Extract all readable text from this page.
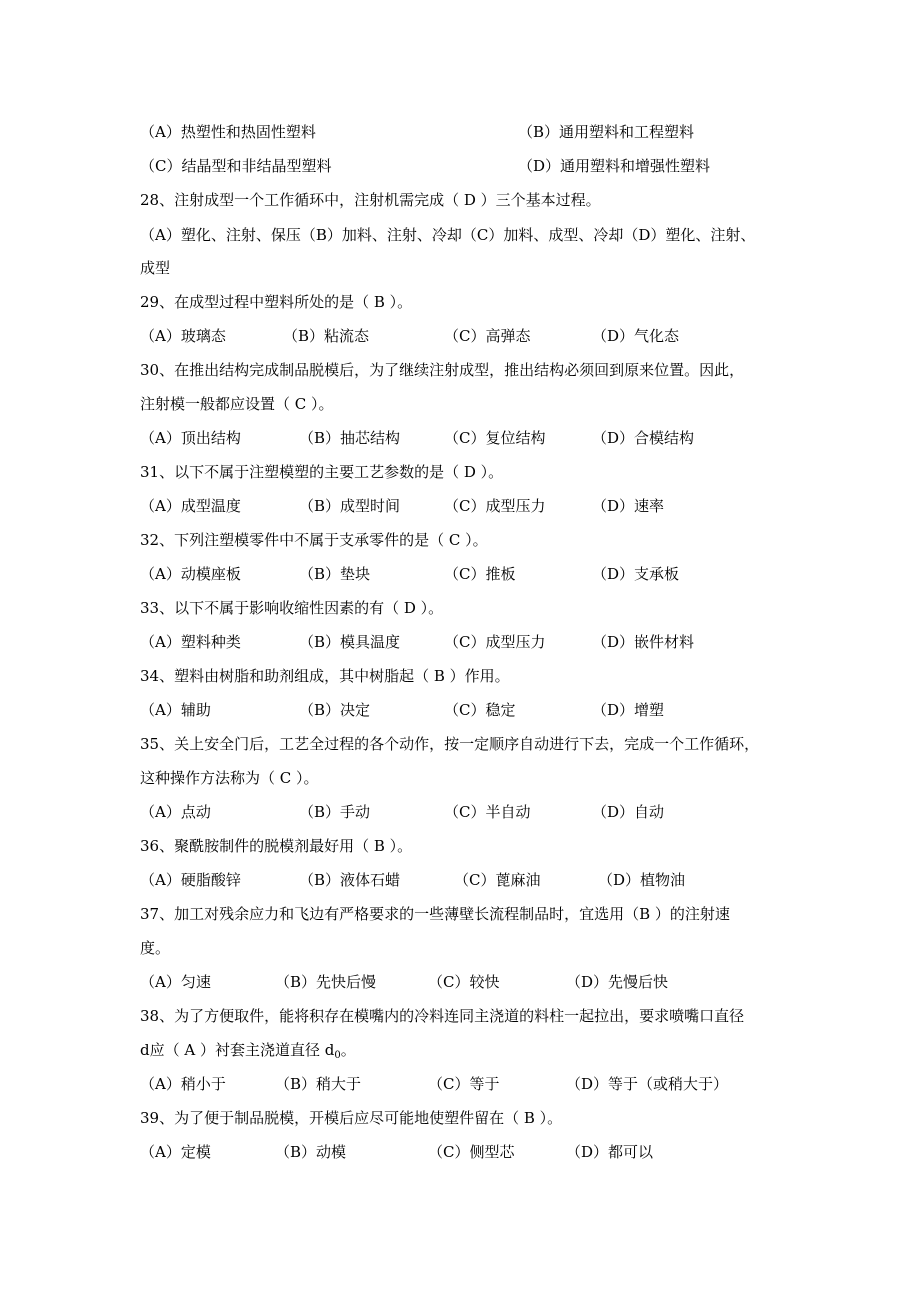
（A）热塑性和热固性塑料	（B）通用塑料和工程塑料
（C）结晶型和非结晶型塑料	（D）通用塑料和增强性塑料
28、注射成型一个工作循环中，注射机需完成（ D ）三个基本过程。
（A）塑化、注射、保压（B）加料、注射、冷却（C）加料、成型、冷却（D）塑化、注射、
成型
29、在成型过程中塑料所处的是（ B ）。
（A）玻璃态	（B）粘流态	（C）高弹态	（D）气化态
30、在推出结构完成制品脱模后，为了继续注射成型，推出结构必须回到原来位置。因此，
注射模一般都应设置（ C ）。
（A）顶出结构	（B）抽芯结构	（C）复位结构	（D）合模结构
31、以下不属于注塑模塑的主要工艺参数的是（ D ）。
（A）成型温度	（B）成型时间	（C）成型压力	（D）速率
32、下列注塑模零件中不属于支承零件的是（ C ）。
（A）动模座板	（B）垫块	（C）推板	（D）支承板
33、以下不属于影响收缩性因素的有（ D ）。
（A）塑料种类	（B）模具温度	（C）成型压力	（D）嵌件材料
34、塑料由树脂和助剂组成，其中树脂起（ B ）作用。
（A）辅助	（B）决定	（C）稳定	（D）增塑
35、关上安全门后，工艺全过程的各个动作，按一定顺序自动进行下去，完成一个工作循环，
这种操作方法称为（ C ）。
（A）点动	（B）手动	（C）半自动	（D）自动
36、聚酰胺制件的脱模剂最好用（ B ）。
（A）硬脂酸锌	（B）液体石蜡	（C）蓖麻油	（D）植物油
37、加工对残余应力和飞边有严格要求的一些薄壁长流程制品时，宜选用（B ）的注射速
度。
（A）匀速	（B）先快后慢	（C）较快	（D）先慢后快
38、为了方便取件，能将积存在模嘴内的冷料连同主浇道的料柱一起拉出，要求喷嘴口直径
d应（ A ）衬套主浇道直径 $d_0$。
（A）稍小于	（B）稍大于	（C）等于	（D）等于（或稍大于）
39、为了便于制品脱模，开模后应尽可能地使塑件留在（ B ）。
（A）定模	（B）动模	（C）侧型芯	（D）都可以
